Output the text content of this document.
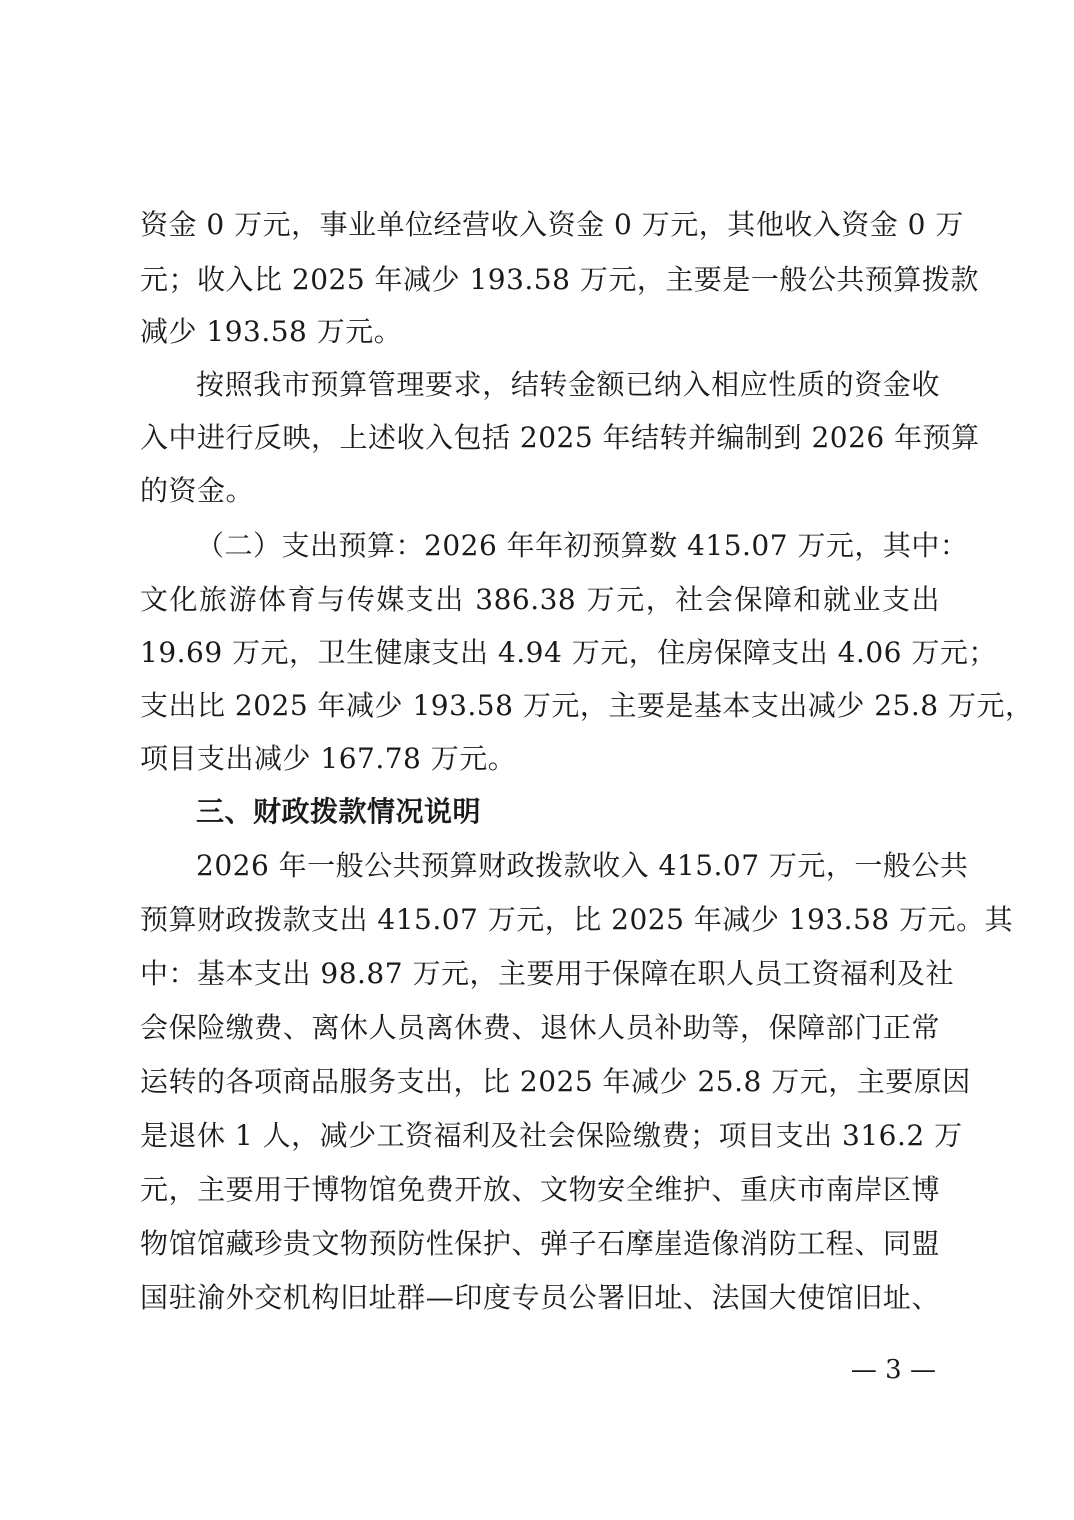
资金 0 万元，事业单位经营收入资金 0 万元，其他收入资金 0 万
元；收入比 2025 年减少 193.58 万元，主要是一般公共预算拨款
减少 193.58 万元。
按照我市预算管理要求，结转金额已纳入相应性质的资金收
入中进行反映，上述收入包括 2025 年结转并编制到 2026 年预算
的资金。
（二）支出预算：2026 年年初预算数 415.07 万元，其中：
文化旅游体育与传媒支出 386.38 万元，社会保障和就业支出
19.69 万元，卫生健康支出 4.94 万元，住房保障支出 4.06 万元；
支出比 2025 年减少 193.58 万元，主要是基本支出减少 25.8 万元，
项目支出减少 167.78 万元。
三、财政拨款情况说明
2026 年一般公共预算财政拨款收入 415.07 万元，一般公共
预算财政拨款支出 415.07 万元，比 2025 年减少 193.58 万元。其
中：基本支出 98.87 万元，主要用于保障在职人员工资福利及社
会保险缴费、离休人员离休费、退休人员补助等，保障部门正常
运转的各项商品服务支出，比 2025 年减少 25.8 万元，主要原因
是退休 1 人，减少工资福利及社会保险缴费；项目支出 316.2 万
元，主要用于博物馆免费开放、文物安全维护、重庆市南岸区博
物馆馆藏珍贵文物预防性保护、弹子石摩崖造像消防工程、同盟
国驻渝外交机构旧址群—印度专员公署旧址、法国大使馆旧址、
— 3 —
